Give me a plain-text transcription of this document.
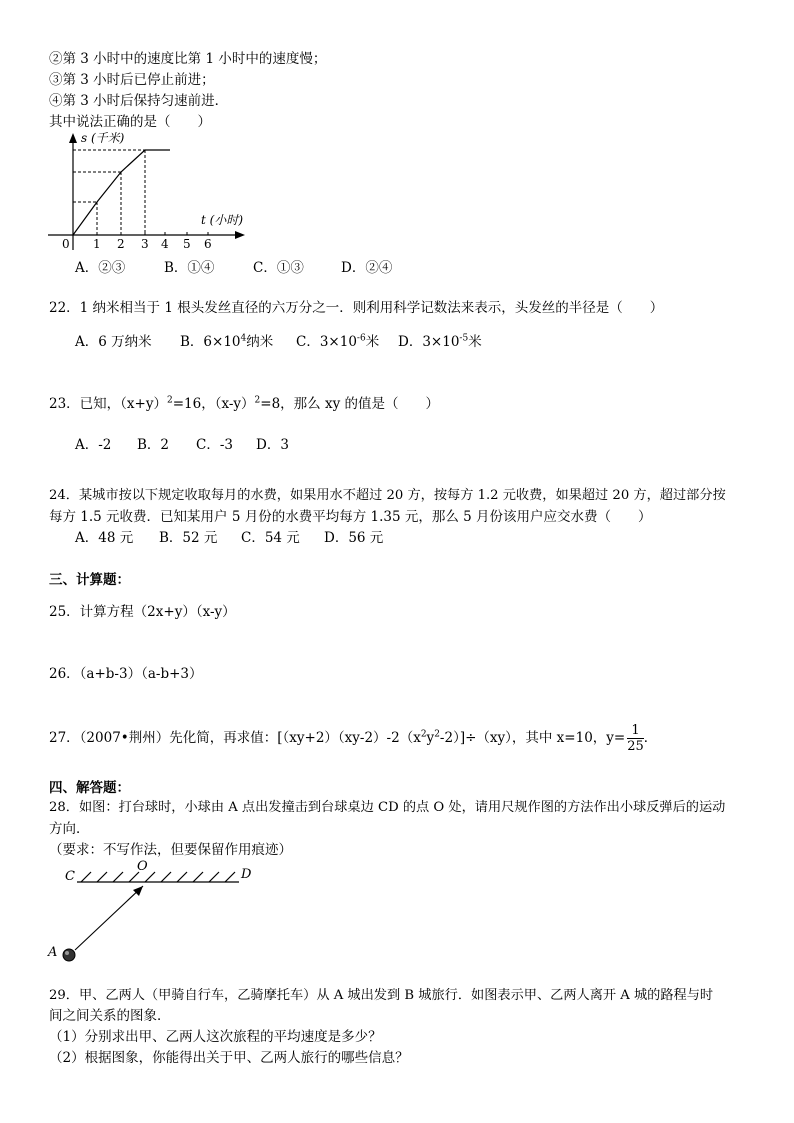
②第 3 小时中的速度比第 1 小时中的速度慢；
③第 3 小时后已停止前进；
④第 3 小时后保持匀速前进．
其中说法正确的是（　　）
s (千米)
t (小时)
0 1 2 3 4 5 6
A．②③	B．①④	C．①③	D．②④
22．1 纳米相当于 1 根头发丝直径的六万分之一．则利用科学记数法来表示，头发丝的半径是（　　）
A．6 万纳米 B．$6\times 10^4$纳米 C．$3\times 10^{-6}$米 D．$3\times 10^{-5}$米
23．已知，$(x+y)^2=16$，$(x-y)^2=8$，那么 xy 的值是（　　）
A．-2 B．2 C．-3 D．3
24．某城市按以下规定收取每月的水费，如果用水不超过 20 方，按每方 1.2 元收费，如果超过 20 方，超过部分按
每方 1.5 元收费．已知某用户 5 月份的水费平均每方 1.35 元，那么 5 月份该用户应交水费（　　）
A．48 元 B．52 元 C．54 元 D．56 元
三、计算题：
25．计算方程（2x+y）（x-y）
26．（a+b-3）（a-b+3）
27．（2007•荆州）先化简，再求值：$[(xy+2)(xy-2)-2(x^2y^2-2)]\div(xy)$，其中 x=10，$y= \frac{1}{25}$ ．
四、解答题：
28．如图：打台球时，小球由 A 点出发撞击到台球桌边 CD 的点 O 处，请用尺规作图的方法作出小球反弹后的运动
方向．
（要求：不写作法，但要保留作用痕迹）
C
O
D
A
29．甲、乙两人（甲骑自行车，乙骑摩托车）从 A 城出发到 B 城旅行．如图表示甲、乙两人离开 A 城的路程与时
间之间关系的图象．
（1）分别求出甲、乙两人这次旅程的平均速度是多少？
（2）根据图象，你能得出关于甲、乙两人旅行的哪些信息？
